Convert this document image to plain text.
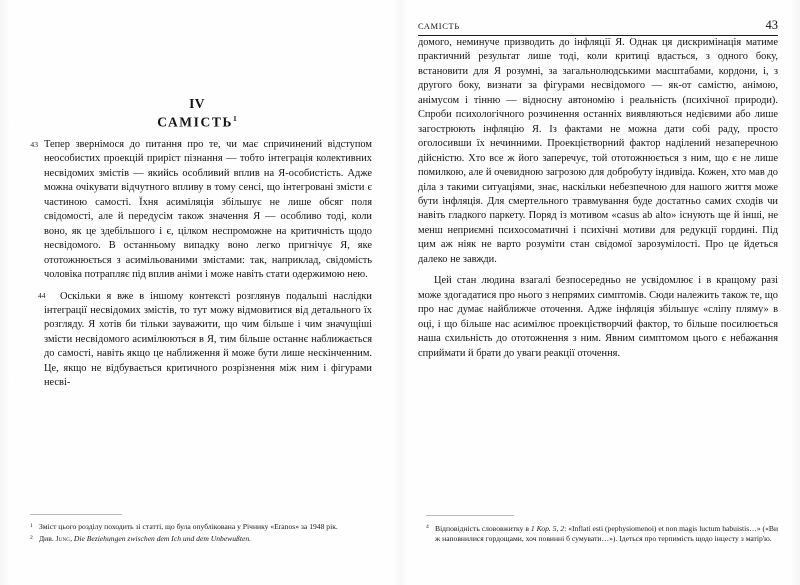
IV
САМІСТЬ$^1$

43 Тепер звернімося до питання про те, чи має спричинений відступом неособистих проекцій приріст пізнання — тобто інтеграція колективних несвідомих змістів — якийсь особливий вплив на Я-особистість. Адже можна очікувати відчутного впливу в тому сенсі, що інтегровані змісти є частиною самості. Їхня асиміляція збільшує не лише обсяг поля свідомості, але й передусім також значення Я — особливо тоді, коли воно, як це здебільшого і є, цілком неспроможне на критичність щодо несвідомого. В останньому випадку воно легко пригнічує Я, яке ототожнюється з асимільованими змістами: так, наприклад, свідомість чоловіка потрапляє під вплив аніми і може навіть стати одержимою нею.

44 Оскільки я вже в іншому контексті розглянув подальші наслідки інтеграції несвідомих змістів, то тут можу відмовитися від детального їх розгляду. Я хотів би тільки зауважити, що чим більше і чим значущіші змісти несвідомого асимілюються в Я, тим більше останнє наближається до самості, навіть якщо це наближення й може бути лише нескінченним. Це, якщо не відбувається критичного розрізнення між ним і фігурами несві-

1 Зміст цього розділу походить зі статті, що була опублікована у Річнику «Eranos» за 1948 рік.

2 Див. Jung, Die Beziehungen zwischen dem Ich und dem Unbewußten.

САМІСТЬ	43

домого, неминуче призводить до інфляції Я. Однак ця дискримінація матиме практичний результат лише тоді, коли критиці вдасться, з одного боку, встановити для Я розумні, за загальнолюдськими масштабами, кордони, і, з другого боку, визнати за фігурами несвідомого — як-от самістю, анімою, анімусом і тінню — відносну автономію і реальність (психічної природи). Спроби психологічного розчинення останніх виявляються недієвими або лише загострюють інфляцію Я. Із фактами не можна дати собі раду, просто оголосивши їх нечинними. Проекцієтворний фактор наділений незаперечною дійсністю. Хто все ж його заперечує, той ототожнюється з ним, що є не лише помилкою, але й очевидною загрозою для добробуту індивіда. Кожен, хто мав до діла з такими ситуаціями, знає, наскільки небезпечною для нашого життя може бути інфляція. Для смертельного травмування буде достатньо самих сходів чи навіть гладкого паркету. Поряд із мотивом «casus ab alto» існують ще й інші, не менш неприємні психосоматичні і психічні мотиви для редукції гордині. Під цим аж ніяк не варто розуміти стан свідомої зарозумілості. Про це йдеться далеко не завжди.

Цей стан людина взагалі безпосередньо не усвідомлює і в кращому разі може здогадатися про нього з непрямих симптомів. Сюди належить також те, що про нас думає найближче оточення. Адже інфляція збільшує «сліпу пляму» в оці, і що більше нас асимілює проекцієтворчий фактор, то більше посилюється наша схильність до ототожнення з ним. Явним симптомом цього є небажання сприймати й брати до уваги реакції оточення.

4 Відповідність слововжитку в 1 Кор. 5, 2: «Inflati esti (pephysiomenoi) et non magis luctum habuistis…» («Ви ж наповнилися гордощами, хоч повинні б сумувати…»). Ідеться про терпимість щодо інцесту з матір'ю.
